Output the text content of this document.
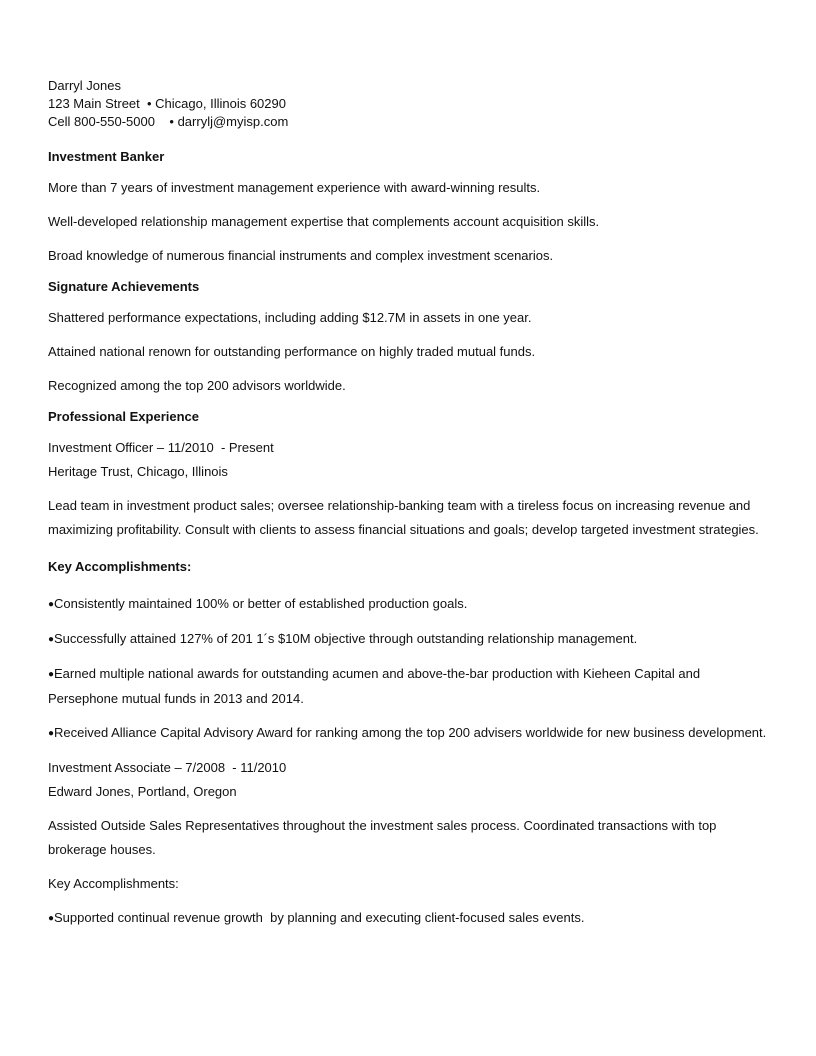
Darryl Jones
123 Main Street  • Chicago, Illinois 60290
Cell 800-550-5000    • darrylj@myisp.com
Investment Banker
More than 7 years of investment management experience with award-winning results.
Well-developed relationship management expertise that complements account acquisition skills.
Broad knowledge of numerous financial instruments and complex investment scenarios.
Signature Achievements
Shattered performance expectations, including adding $12.7M in assets in one year.
Attained national renown for outstanding performance on highly traded mutual funds.
Recognized among the top 200 advisors worldwide.
Professional Experience
Investment Officer – 11/2010  - Present
Heritage Trust, Chicago, Illinois
Lead team in investment product sales; oversee relationship-banking team with a tireless focus on increasing revenue and maximizing profitability. Consult with clients to assess financial situations and goals; develop targeted investment strategies.
Key Accomplishments:
●Consistently maintained 100% or better of established production goals.
●Successfully attained 127% of 201 1´s $10M objective through outstanding relationship management.
●Earned multiple national awards for outstanding acumen and above-the-bar production with Kieheen Capital and Persephone mutual funds in 2013 and 2014.
●Received Alliance Capital Advisory Award for ranking among the top 200 advisers worldwide for new business development.
Investment Associate – 7/2008  - 11/2010
Edward Jones, Portland, Oregon
Assisted Outside Sales Representatives throughout the investment sales process. Coordinated transactions with top brokerage houses.
Key Accomplishments:
●Supported continual revenue growth  by planning and executing client-focused sales events.
